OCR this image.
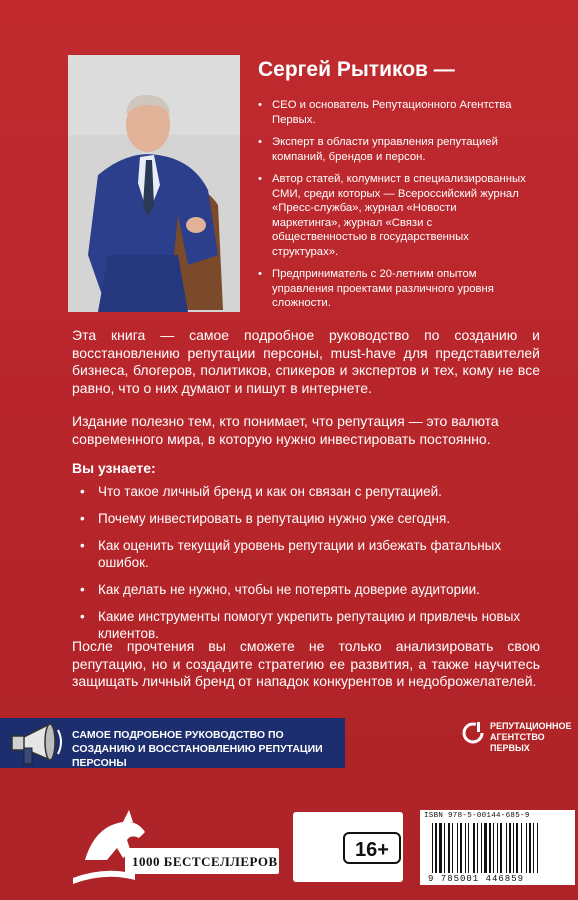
Сергей Рытиков —
• CEO и основатель Репутационного Агентства Первых.
• Эксперт в области управления репутацией компаний, брендов и персон.
• Автор статей, колумнист в специализированных СМИ, среди которых — Всероссийский журнал «Пресс-служба», журнал «Новости маркетинга», журнал «Связи с общественностью в государственных структурах».
• Предприниматель с 20-летним опытом управления проектами различного уровня сложности.

Эта книга — самое подробное руководство по созданию и восстановлению репутации персоны, must-have для представителей бизнеса, блогеров, политиков, спикеров и экспертов и тех, кому не все равно, что о них думают и пишут в интернете.

Издание полезно тем, кто понимает, что репутация — это валюта современного мира, в которую нужно инвестировать постоянно.

Вы узнаете:

• Что такое личный бренд и как он связан с репутацией.
• Почему инвестировать в репутацию нужно уже сегодня.
• Как оценить текущий уровень репутации и избежать фатальных ошибок.
• Как делать не нужно, чтобы не потерять доверие аудитории.
• Какие инструменты помогут укрепить репутацию и привлечь новых клиентов.

После прочтения вы сможете не только анализировать свою репутацию, но и создадите стратегию ее развития, а также научитесь защищать личный бренд от нападок конкурентов и недоброжелателей.

САМОЕ ПОДРОБНОЕ РУКОВОДСТВО ПО СОЗДАНИЮ И ВОССТАНОВЛЕНИЮ РЕПУТАЦИИ ПЕРСОНЫ

РЕПУТАЦИОННОЕ АГЕНТСТВО ПЕРВЫХ
1000 БЕСТСЕЛЛЕРОВ
16+
ISBN 978-5-00144-685-9
9 785001 446859
